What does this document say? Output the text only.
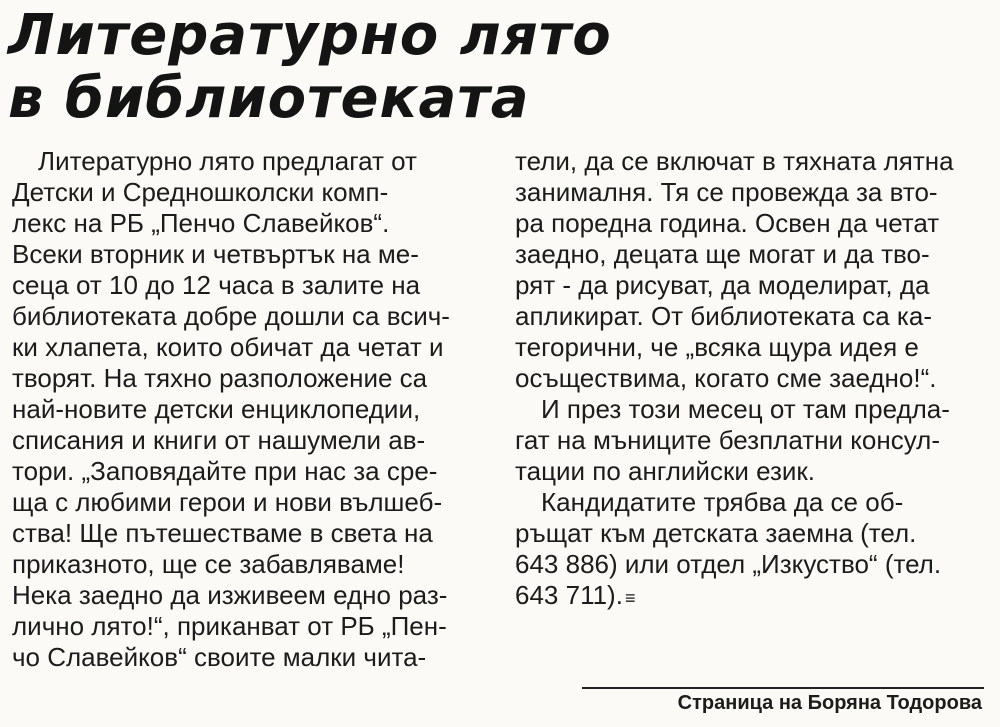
Литературно лято
в библиотеката
Литературно лято предлагат от
Детски и Средношколски комп-
лекс на РБ „Пенчо Славейков“.
Всеки вторник и четвъртък на ме-
сеца от 10 до 12 часа в залите на
библиотеката добре дошли са всич-
ки хлапета, които обичат да четат и
творят. На тяхно разположение са
най-новите детски енциклопедии,
списания и книги от нашумели ав-
тори. „Заповядайте при нас за сре-
ща с любими герои и нови вълшеб-
ства! Ще пътешестваме в света на
приказното, ще се забавляваме!
Нека заедно да изживеем едно раз-
лично лято!“, приканват от РБ „Пен-
чо Славейков“ своите малки чита-
тели, да се включат в тяхната лятна
занималня. Тя се провежда за вто-
ра поредна година. Освен да четат
заедно, децата ще могат и да тво-
рят - да рисуват, да моделират, да
апликират. От библиотеката са ка-
тегорични, че „всяка щура идея е
осъществима, когато сме заедно!“.
И през този месец от там предла-
гат на мъниците безплатни консул-
тации по английски език.
Кандидатите трябва да се об-
ръщат към детската заемна (тел.
643 886) или отдел „Изкуство“ (тел.
643 711). ≡
Страница на Боряна Тодорова
